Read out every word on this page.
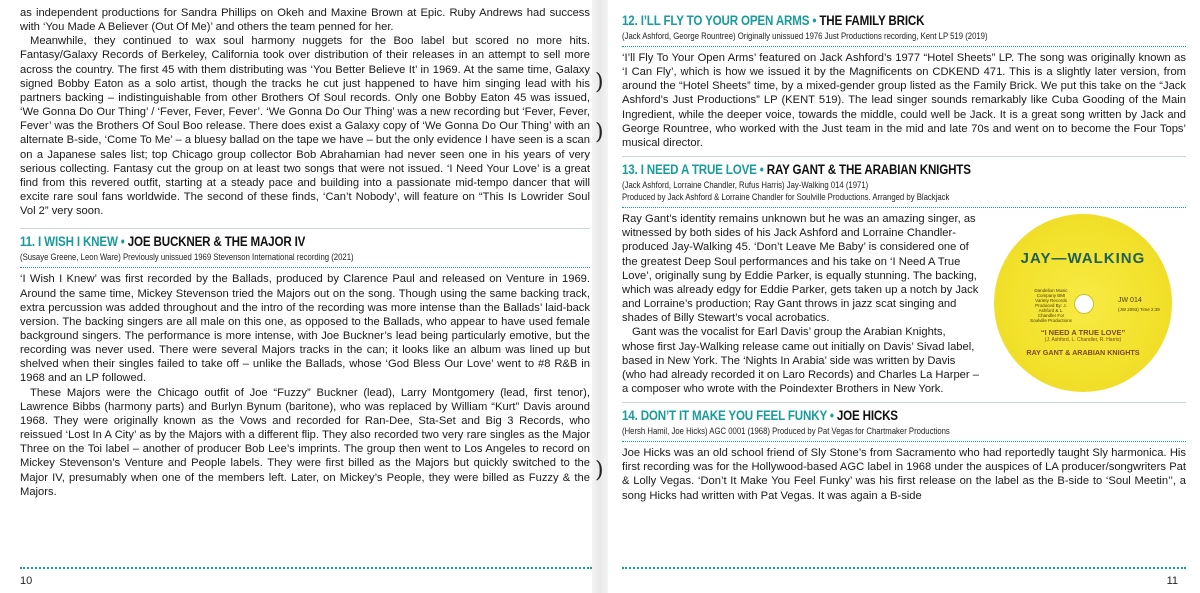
)
)
)

as independent productions for Sandra Phillips on Okeh and Maxine Brown at Epic. Ruby Andrews had success with ‘You Made A Believer (Out Of Me)’ and others the team penned for her.

Meanwhile, they continued to wax soul harmony nuggets for the Boo label but scored no more hits. Fantasy/Galaxy Records of Berkeley, California took over distribution of their releases in an attempt to sell more across the country. The first 45 with them distributing was ‘You Better Believe It’ in 1969. At the same time, Galaxy signed Bobby Eaton as a solo artist, though the tracks he cut just happened to have him singing lead with his partners backing – indistinguishable from other Brothers Of Soul records. Only one Bobby Eaton 45 was issued, ‘We Gonna Do Our Thing’ / ‘Fever, Fever, Fever’. ‘We Gonna Do Our Thing’ was a new recording but ‘Fever, Fever, Fever’ was the Brothers Of Soul Boo release. There does exist a Galaxy copy of ‘We Gonna Do Our Thing’ with an alternate B-side, ‘Come To Me’ – a bluesy ballad on the tape we have – but the only evidence I have seen is a scan on a Japanese sales list; top Chicago group collector Bob Abrahamian had never seen one in his years of very serious collecting. Fantasy cut the group on at least two songs that were not issued. ‘I Need Your Love’ is a great find from this revered outfit, starting at a steady pace and building into a passionate mid-tempo dancer that will excite rare soul fans worldwide. The second of these finds, ‘Can’t Nobody’, will feature on “This Is Lowrider Soul Vol 2” very soon.

11. I WISH I KNEW • JOE BUCKNER & THE MAJOR IV
(Susaye Greene, Leon Ware) Previously unissued 1969 Stevenson International recording (2021)

‘I Wish I Knew’ was first recorded by the Ballads, produced by Clarence Paul and released on Venture in 1969. Around the same time, Mickey Stevenson tried the Majors out on the song. Though using the same backing track, extra percussion was added throughout and the intro of the recording was more intense than the Ballads’ laid-back version. The backing singers are all male on this one, as opposed to the Ballads, who appear to have used female background singers. The performance is more intense, with Joe Buckner’s lead being particularly emotive, but the recording was never used. There were several Majors tracks in the can; it looks like an album was lined up but shelved when their singles failed to take off – unlike the Ballads, whose ‘God Bless Our Love’ went to #8 R&B in 1968 and an LP followed.

These Majors were the Chicago outfit of Joe “Fuzzy” Buckner (lead), Larry Montgomery (lead, first tenor), Lawrence Bibbs (harmony parts) and Burlyn Bynum (baritone), who was replaced by William “Kurt” Davis around 1968. They were originally known as the Vows and recorded for Ran-Dee, Sta-Set and Big 3 Records, who reissued ‘Lost In A City’ as by the Majors with a different flip. They also recorded two very rare singles as the Major Three on the Toi label – another of producer Bob Lee’s imprints. The group then went to Los Angeles to record on Mickey Stevenson’s Venture and People labels. They were first billed as the Majors but quickly switched to the Major IV, presumably when one of the members left. Later, on Mickey’s People, they were billed as Fuzzy & the Majors.

10
12. I’LL FLY TO YOUR OPEN ARMS • THE FAMILY BRICK
(Jack Ashford, George Rountree) Originally unissued 1976 Just Productions recording, Kent LP 519 (2019)

‘I’ll Fly To Your Open Arms’ featured on Jack Ashford’s 1977 “Hotel Sheets” LP. The song was originally known as ‘I Can Fly’, which is how we issued it by the Magnificents on CDKEND 471. This is a slightly later version, from around the “Hotel Sheets” time, by a mixed-gender group listed as the Family Brick. We put this take on the “Jack Ashford’s Just Productions” LP (KENT 519). The lead singer sounds remarkably like Cuba Gooding of the Main Ingredient, while the deeper voice, towards the middle, could well be Jack. It is a great song written by Jack and George Rountree, who worked with the Just team in the mid and late 70s and went on to become the Four Tops’ musical director.

13. I NEED A TRUE LOVE • RAY GANT & THE ARABIAN KNIGHTS
(Jack Ashford, Lorraine Chandler, Rufus Harris) Jay-Walking 014 (1971)
Produced by Jack Ashford & Lorraine Chandler for Soulville Productions. Arranged by Blackjack
JAY—WALKING
Dandelion Music Company BMI Variety Records Produced By: J. Ashford & L. Chandler For Soulville Productions
JW 014
(JW 2093) Time 2:39
“I NEED A TRUE LOVE”
(J. Ashford, L. Chandler, R. Harris)
RAY GANT & ARABIAN KNIGHTS

Ray Gant’s identity remains unknown but he was an amazing singer, as witnessed by both sides of his Jack Ashford and Lorraine Chandler-produced Jay-Walking 45. ‘Don’t Leave Me Baby’ is considered one of the greatest Deep Soul performances and his take on ‘I Need A True Love’, originally sung by Eddie Parker, is equally stunning. The backing, which was already edgy for Eddie Parker, gets taken up a notch by Jack and Lorraine’s production; Ray Gant throws in jazz scat singing and shades of Billy Stewart’s vocal acrobatics.

Gant was the vocalist for Earl Davis’ group the Arabian Knights, whose first Jay-Walking release came out initially on Davis’ Sivad label, based in New York. The ‘Nights In Arabia’ side was written by Davis (who had already recorded it on Laro Records) and Charles La Harper – a composer who wrote with the Poindexter Brothers in New York.

14. DON’T IT MAKE YOU FEEL FUNKY • JOE HICKS
(Hersh Hamil, Joe Hicks) AGC 0001 (1968) Produced by Pat Vegas for Chartmaker Productions

Joe Hicks was an old school friend of Sly Stone’s from Sacramento who had reportedly taught Sly harmonica. His first recording was for the Hollywood-based AGC label in 1968 under the auspices of LA producer/songwriters Pat & Lolly Vegas. ‘Don’t It Make You Feel Funky’ was his first release on the label as the B-side to ‘Soul Meetin’’, a song Hicks had written with Pat Vegas. It was again a B-side

11
